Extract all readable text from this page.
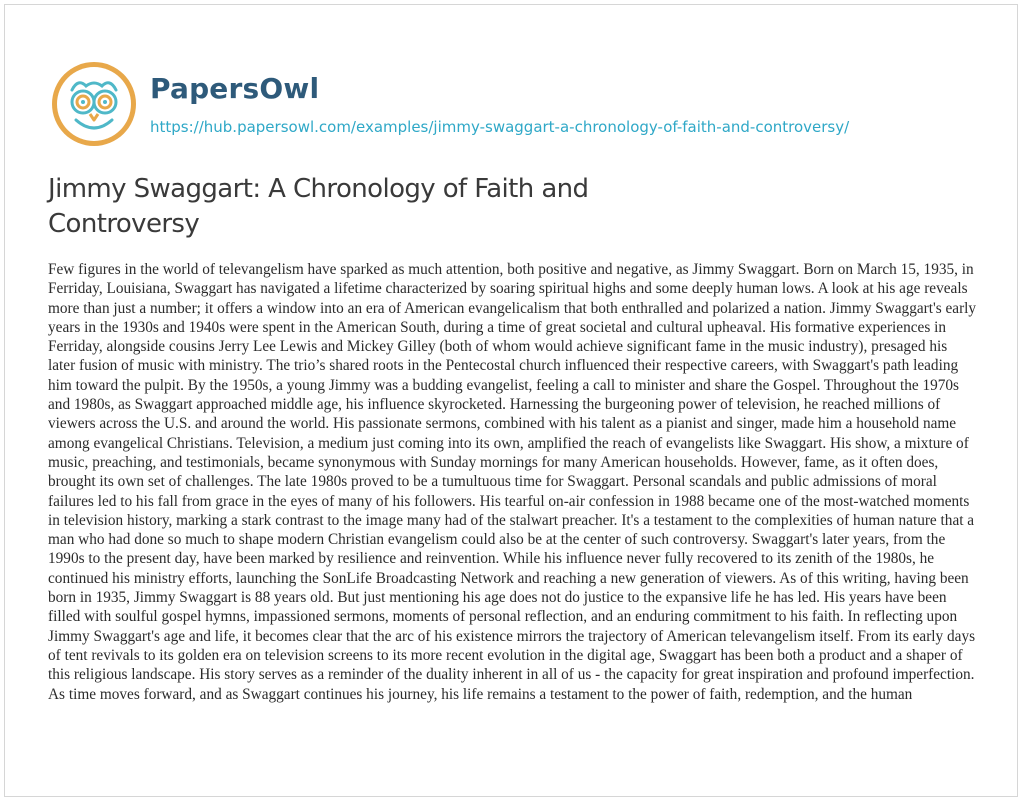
PapersOwl
https://hub.papersowl.com/examples/jimmy-swaggart-a-chronology-of-faith-and-controversy/
Jimmy Swaggart: A Chronology of Faith and Controversy

Few figures in the world of televangelism have sparked as much attention, both positive and negative, as Jimmy Swaggart. Born on March 15, 1935, in Ferriday, Louisiana, Swaggart has navigated a lifetime characterized by soaring spiritual highs and some deeply human lows. A look at his age reveals more than just a number; it offers a window into an era of American evangelicalism that both enthralled and polarized a nation. Jimmy Swaggart's early years in the 1930s and 1940s were spent in the American South, during a time of great societal and cultural upheaval. His formative experiences in Ferriday, alongside cousins Jerry Lee Lewis and Mickey Gilley (both of whom would achieve significant fame in the music industry), presaged his later fusion of music with ministry. The trio’s shared roots in the Pentecostal church influenced their respective careers, with Swaggart's path leading him toward the pulpit. By the 1950s, a young Jimmy was a budding evangelist, feeling a call to minister and share the Gospel. Throughout the 1970s and 1980s, as Swaggart approached middle age, his influence skyrocketed. Harnessing the burgeoning power of television, he reached millions of viewers across the U.S. and around the world. His passionate sermons, combined with his talent as a pianist and singer, made him a household name among evangelical Christians. Television, a medium just coming into its own, amplified the reach of evangelists like Swaggart. His show, a mixture of music, preaching, and testimonials, became synonymous with Sunday mornings for many American households. However, fame, as it often does, brought its own set of challenges. The late 1980s proved to be a tumultuous time for Swaggart. Personal scandals and public admissions of moral failures led to his fall from grace in the eyes of many of his followers. His tearful on-air confession in 1988 became one of the most-watched moments in television history, marking a stark contrast to the image many had of the stalwart preacher. It's a testament to the complexities of human nature that a man who had done so much to shape modern Christian evangelism could also be at the center of such controversy. Swaggart's later years, from the 1990s to the present day, have been marked by resilience and reinvention. While his influence never fully recovered to its zenith of the 1980s, he continued his ministry efforts, launching the SonLife Broadcasting Network and reaching a new generation of viewers. As of this writing, having been born in 1935, Jimmy Swaggart is 88 years old. But just mentioning his age does not do justice to the expansive life he has led. His years have been filled with soulful gospel hymns, impassioned sermons, moments of personal reflection, and an enduring commitment to his faith. In reflecting upon Jimmy Swaggart's age and life, it becomes clear that the arc of his existence mirrors the trajectory of American televangelism itself. From its early days of tent revivals to its golden era on television screens to its more recent evolution in the digital age, Swaggart has been both a product and a shaper of this religious landscape. His story serves as a reminder of the duality inherent in all of us - the capacity for great inspiration and profound imperfection. As time moves forward, and as Swaggart continues his journey, his life remains a testament to the power of faith, redemption, and the human
